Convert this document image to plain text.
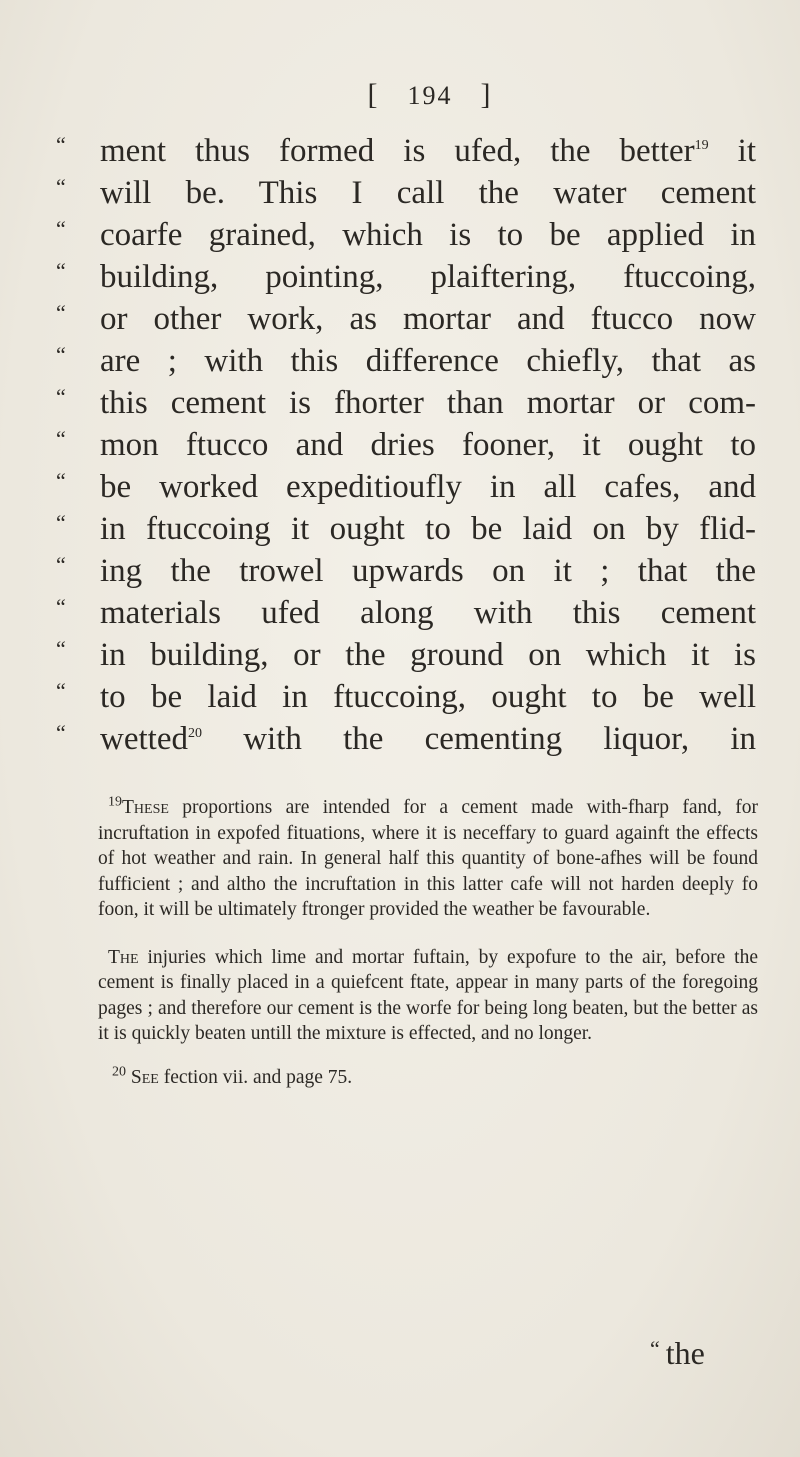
[ 194 ]
“	ment thus formed is ufed, the better$^{19}$ it
“	will be. This I call the water cement
“	coarfe grained, which is to be applied in
“	building, pointing, plaiftering, ftuccoing,
“	or other work, as mortar and ftucco now
“	are ; with this difference chiefly, that as
“	this cement is fhorter than mortar or com-
“	mon ftucco and dries fooner, it ought to
“	be worked expeditioufly in all cafes, and
“	in ftuccoing it ought to be laid on by flid-
“	ing the trowel upwards on it ; that the
“	materials ufed along with this cement
“	in building, or the ground on which it is
“	to be laid in ftuccoing, ought to be well
“	wetted$^{20}$ with the cementing liquor, in

$^{19}$These proportions are intended for a cement made with-fharp fand, for incruftation in expofed fituations, where it is neceffary to guard againft the effects of hot weather and rain. In general half this quantity of bone-afhes will be found fufficient ; and altho the incruftation in this latter cafe will not harden deeply fo foon, it will be ultimately ftronger provided the weather be favourable.

The injuries which lime and mortar fuftain, by expofure to the air, before the cement is finally placed in a quiefcent ftate, appear in many parts of the foregoing pages ; and therefore our cement is the worfe for being long beaten, but the better as it is quickly beaten untill the mixture is effected, and no longer.

$^{20}$ See fection vii. and page 75.
“ the
